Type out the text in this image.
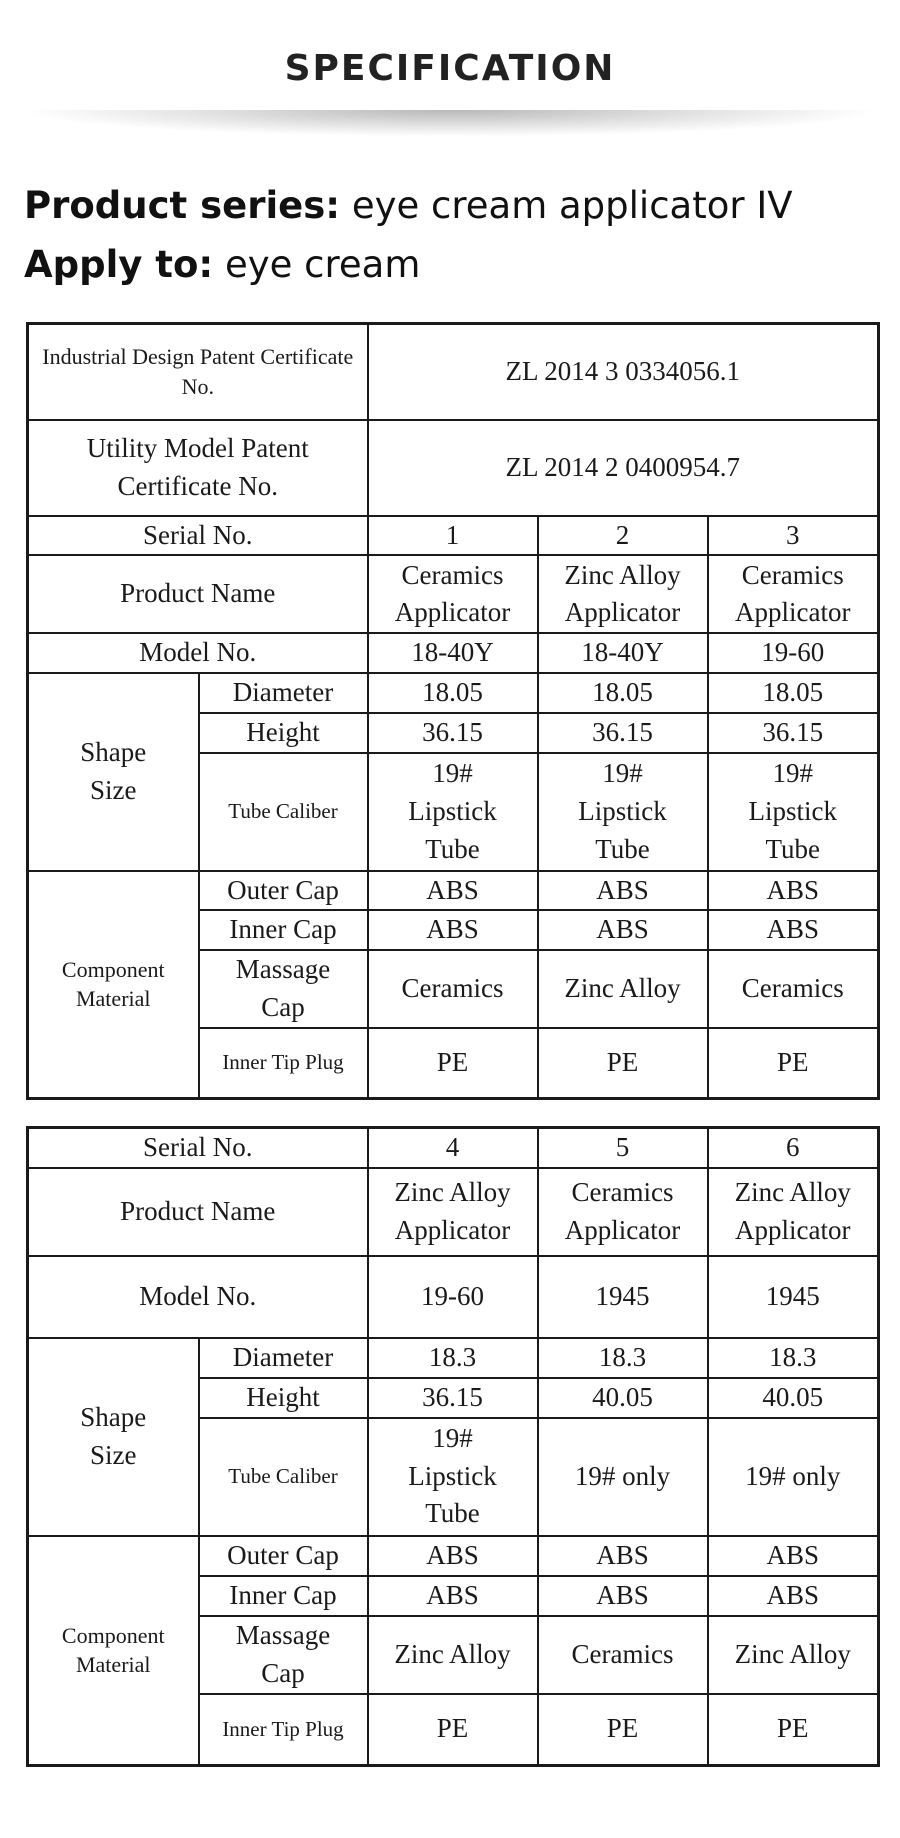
SPECIFICATION
Product series: eye cream applicator IV
Apply to: eye cream
Industrial Design Patent Certificate No.		ZL 2014 3 0334056.1		
Utility Model Patent Certificate No.		ZL 2014 2 0400954.7		
Serial No.		1	2	3
Product Name		Ceramics Applicator	Zinc Alloy Applicator	Ceramics Applicator
Model No.		18-40Y	18-40Y	19-60
Shape Size	Diameter	18.05	18.05	18.05
	Height	36.15	36.15	36.15
	Tube Caliber	19# Lipstick Tube	19# Lipstick Tube	19# Lipstick Tube
Component Material	Outer Cap	ABS	ABS	ABS
	Inner Cap	ABS	ABS	ABS
	Massage Cap	Ceramics	Zinc Alloy	Ceramics
	Inner Tip Plug	PE	PE	PE
Serial No.		4	5	6
Product Name		Zinc Alloy Applicator	Ceramics Applicator	Zinc Alloy Applicator
Model No.		19-60	1945	1945
Shape Size	Diameter	18.3	18.3	18.3
	Height	36.15	40.05	40.05
	Tube Caliber	19# Lipstick Tube	19# only	19# only
Component Material	Outer Cap	ABS	ABS	ABS
	Inner Cap	ABS	ABS	ABS
	Massage Cap	Zinc Alloy	Ceramics	Zinc Alloy
	Inner Tip Plug	PE	PE	PE
